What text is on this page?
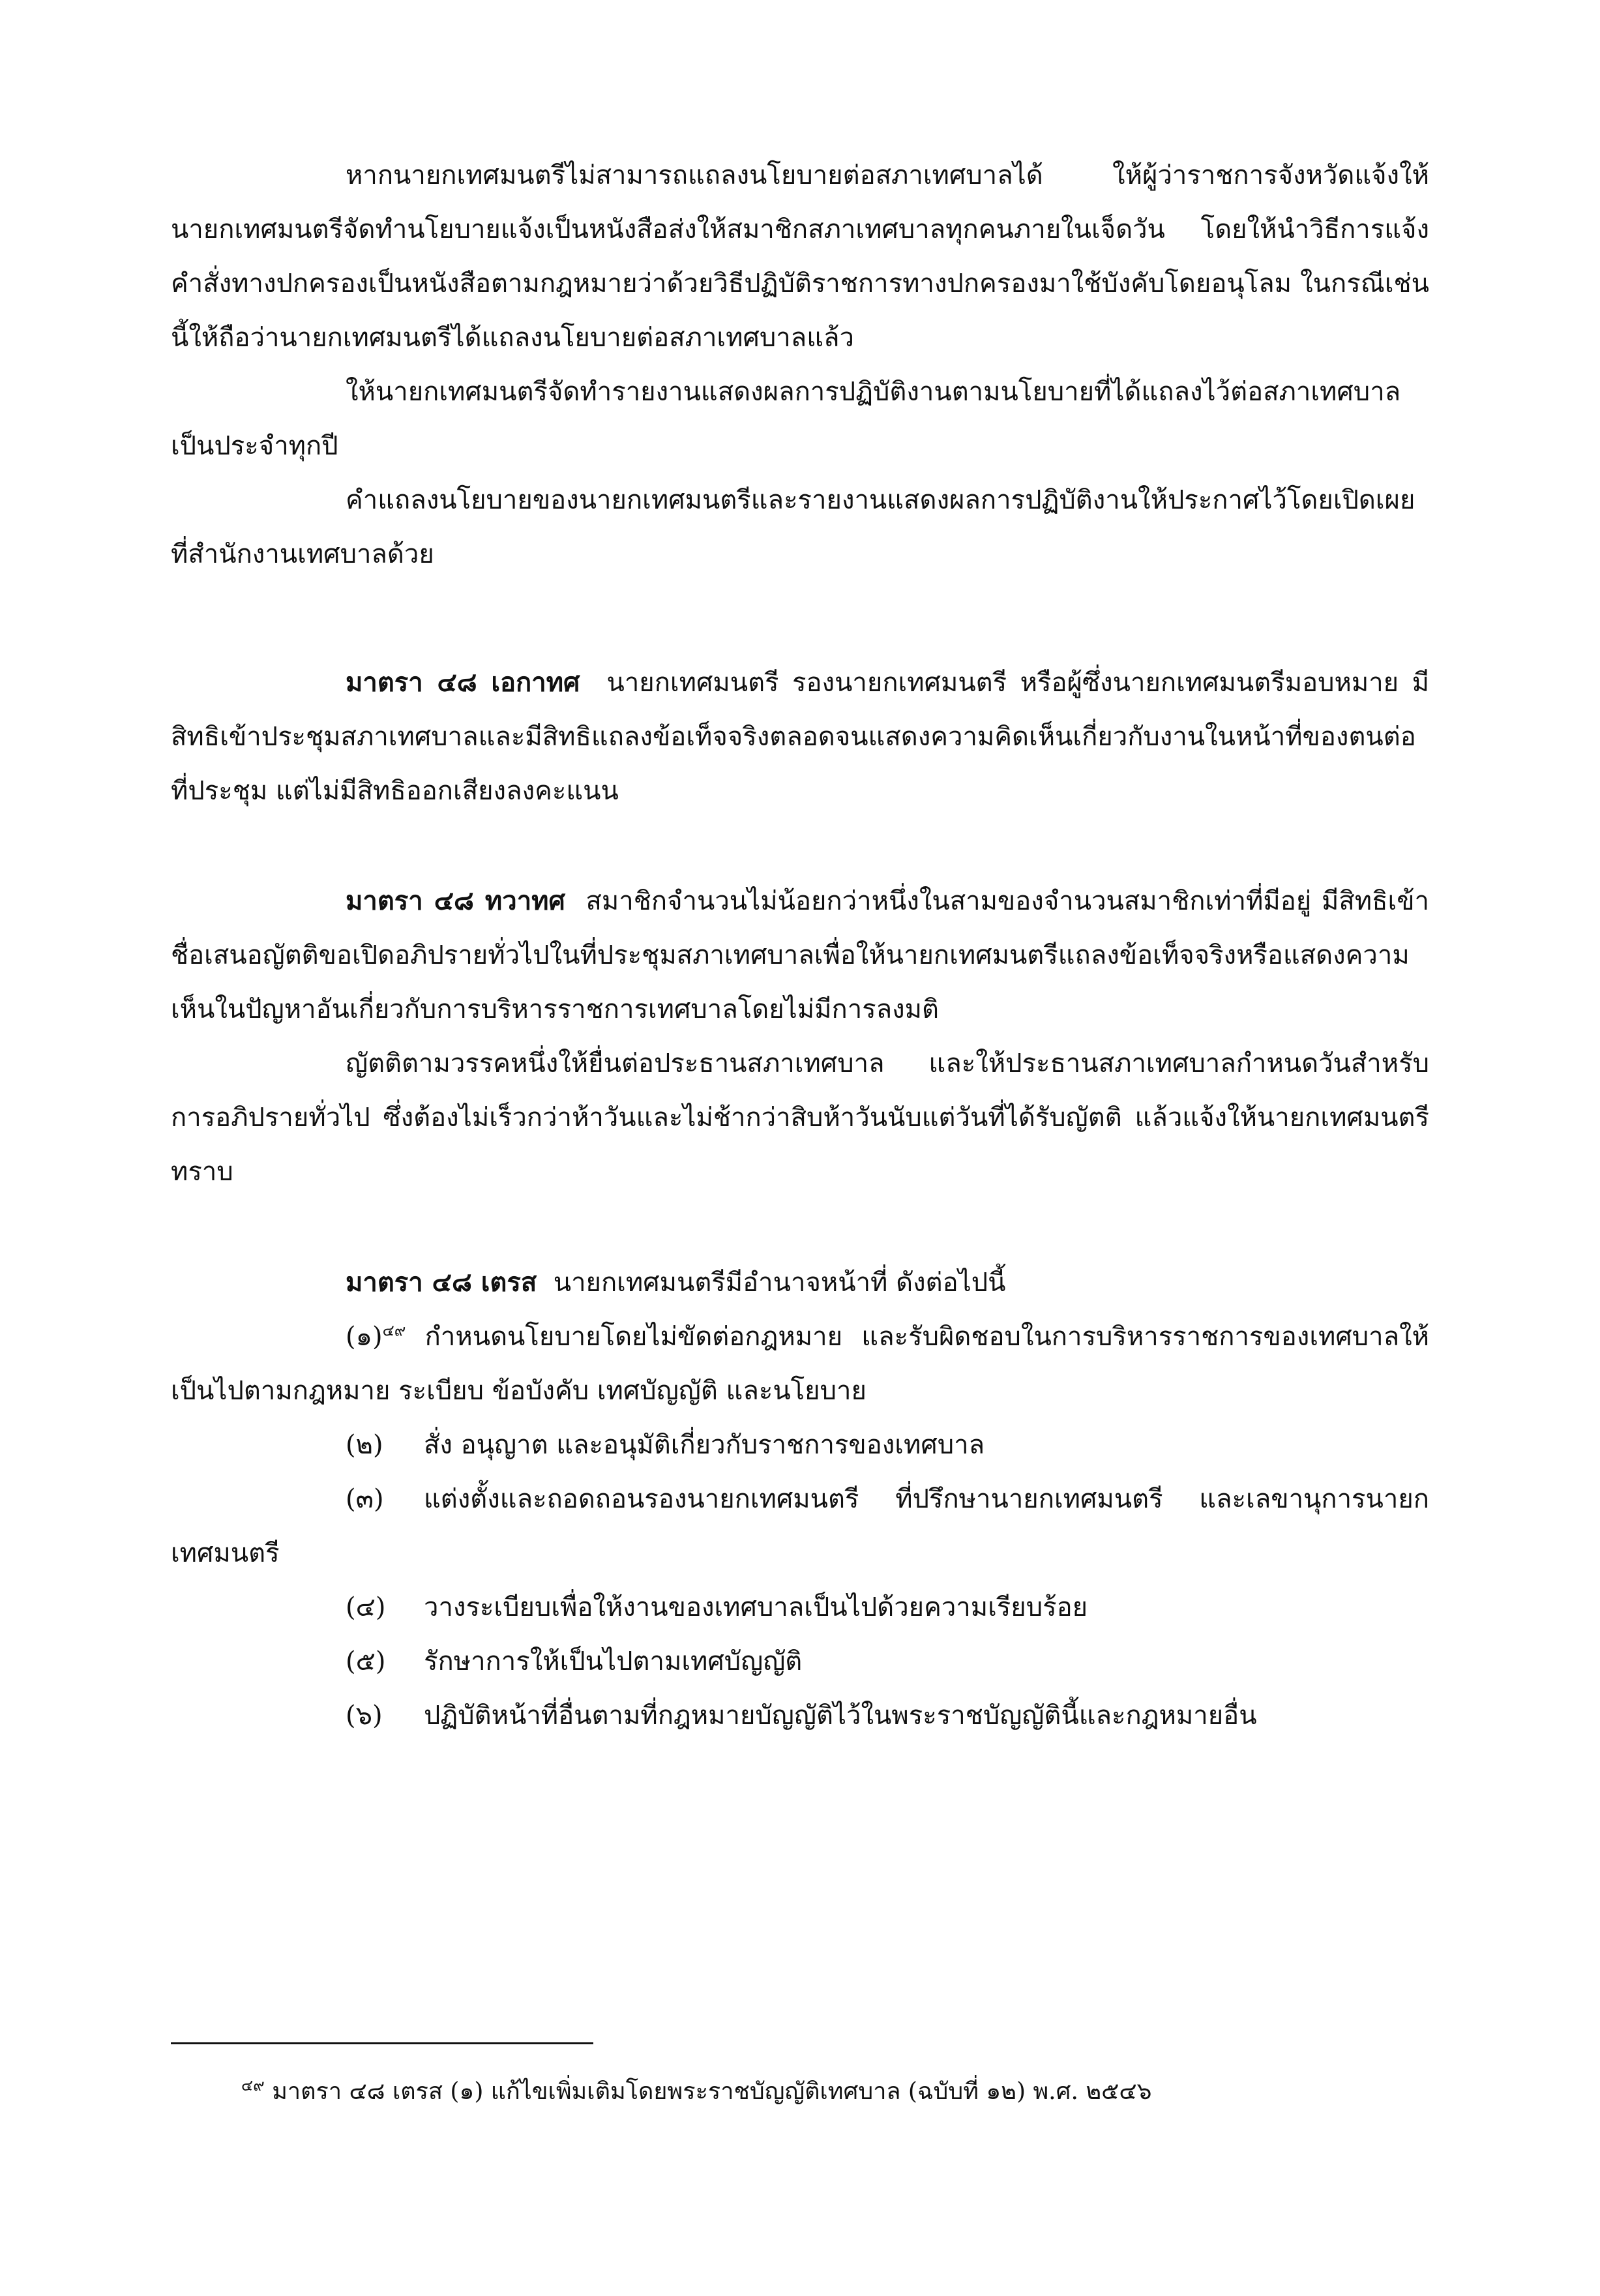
หากนายกเทศมนตรีไม่สามารถแถลงนโยบายต่อสภาเทศบาลได้ ให้ผู้ว่าราชการจังหวัดแจ้งให้นายกเทศมนตรีจัดทำนโยบายแจ้งเป็นหนังสือส่งให้สมาชิกสภาเทศบาลทุกคนภายในเจ็ดวัน โดยให้นำวิธีการแจ้งคำสั่งทางปกครองเป็นหนังสือตามกฎหมายว่าด้วยวิธีปฏิบัติราชการทางปกครองมาใช้บังคับโดยอนุโลม ในกรณีเช่นนี้ให้ถือว่านายกเทศมนตรีได้แถลงนโยบายต่อสภาเทศบาลแล้ว

ให้นายกเทศมนตรีจัดทำรายงานแสดงผลการปฏิบัติงานตามนโยบายที่ได้แถลงไว้ต่อสภาเทศบาลเป็นประจำทุกปี

คำแถลงนโยบายของนายกเทศมนตรีและรายงานแสดงผลการปฏิบัติงานให้ประกาศไว้โดยเปิดเผยที่สำนักงานเทศบาลด้วย

มาตรา ๔๘ เอกาทศ นายกเทศมนตรี รองนายกเทศมนตรี หรือผู้ซึ่งนายกเทศมนตรีมอบหมาย มีสิทธิเข้าประชุมสภาเทศบาลและมีสิทธิแถลงข้อเท็จจริงตลอดจนแสดงความคิดเห็นเกี่ยวกับงานในหน้าที่ของตนต่อที่ประชุม แต่ไม่มีสิทธิออกเสียงลงคะแนน

มาตรา ๔๘ ทวาทศ สมาชิกจำนวนไม่น้อยกว่าหนึ่งในสามของจำนวนสมาชิกเท่าที่มีอยู่ มีสิทธิเข้าชื่อเสนอญัตติขอเปิดอภิปรายทั่วไปในที่ประชุมสภาเทศบาลเพื่อให้นายกเทศมนตรีแถลงข้อเท็จจริงหรือแสดงความเห็นในปัญหาอันเกี่ยวกับการบริหารราชการเทศบาลโดยไม่มีการลงมติ

ญัตติตามวรรคหนึ่งให้ยื่นต่อประธานสภาเทศบาล และให้ประธานสภาเทศบาลกำหนดวันสำหรับการอภิปรายทั่วไป ซึ่งต้องไม่เร็วกว่าห้าวันและไม่ช้ากว่าสิบห้าวันนับแต่วันที่ได้รับญัตติ แล้วแจ้งให้นายกเทศมนตรีทราบ

มาตรา ๔๘ เตรส นายกเทศมนตรีมีอำนาจหน้าที่ ดังต่อไปนี้

(๑)$^{๔๙}$ กำหนดนโยบายโดยไม่ขัดต่อกฎหมาย และรับผิดชอบในการบริหารราชการของเทศบาลให้เป็นไปตามกฎหมาย ระเบียบ ข้อบังคับ เทศบัญญัติ และนโยบาย

(๒) สั่ง อนุญาต และอนุมัติเกี่ยวกับราชการของเทศบาล

(๓) แต่งตั้งและถอดถอนรองนายกเทศมนตรี ที่ปรึกษานายกเทศมนตรี และเลขานุการนายกเทศมนตรี

(๔) วางระเบียบเพื่อให้งานของเทศบาลเป็นไปด้วยความเรียบร้อย

(๕) รักษาการให้เป็นไปตามเทศบัญญัติ

(๖) ปฏิบัติหน้าที่อื่นตามที่กฎหมายบัญญัติไว้ในพระราชบัญญัตินี้และกฎหมายอื่น

$^{๔๙}$ มาตรา ๔๘ เตรส (๑) แก้ไขเพิ่มเติมโดยพระราชบัญญัติเทศบาล (ฉบับที่ ๑๒) พ.ศ. ๒๕๔๖
